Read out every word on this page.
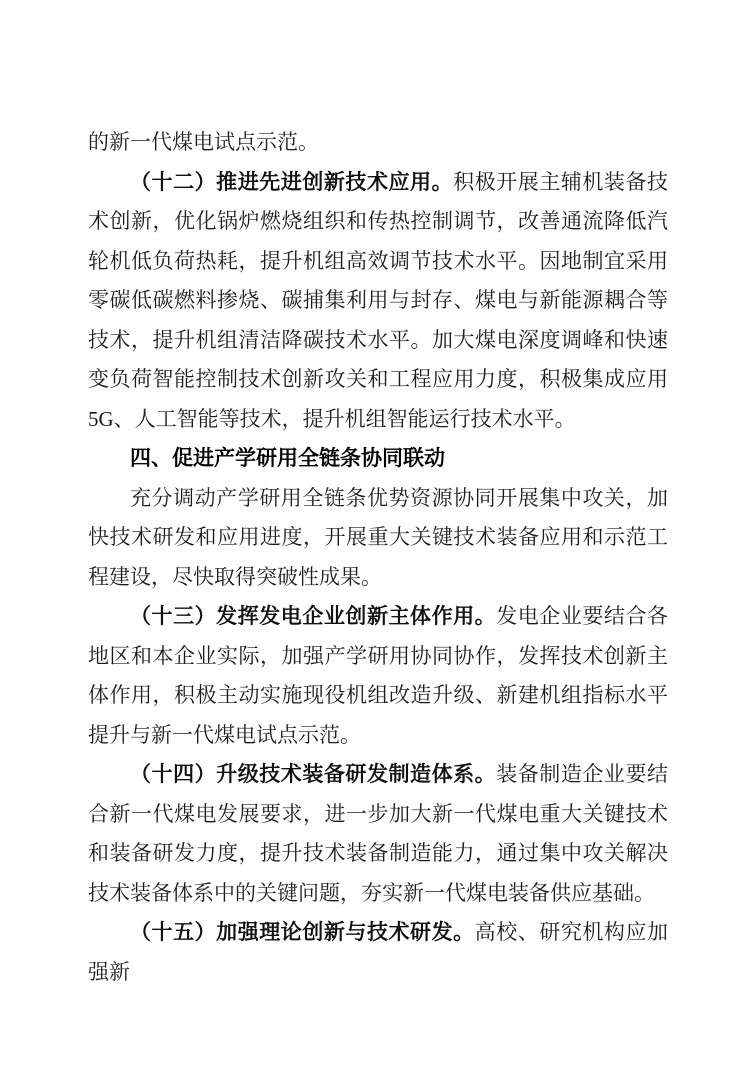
的新一代煤电试点示范。

（十二）推进先进创新技术应用。积极开展主辅机装备技术创新，优化锅炉燃烧组织和传热控制调节，改善通流降低汽轮机低负荷热耗，提升机组高效调节技术水平。因地制宜采用零碳低碳燃料掺烧、碳捕集利用与封存、煤电与新能源耦合等技术，提升机组清洁降碳技术水平。加大煤电深度调峰和快速变负荷智能控制技术创新攻关和工程应用力度，积极集成应用 5G、人工智能等技术，提升机组智能运行技术水平。

四、促进产学研用全链条协同联动

充分调动产学研用全链条优势资源协同开展集中攻关，加快技术研发和应用进度，开展重大关键技术装备应用和示范工程建设，尽快取得突破性成果。

（十三）发挥发电企业创新主体作用。发电企业要结合各地区和本企业实际，加强产学研用协同协作，发挥技术创新主体作用，积极主动实施现役机组改造升级、新建机组指标水平提升与新一代煤电试点示范。

（十四）升级技术装备研发制造体系。装备制造企业要结合新一代煤电发展要求，进一步加大新一代煤电重大关键技术和装备研发力度，提升技术装备制造能力，通过集中攻关解决技术装备体系中的关键问题，夯实新一代煤电装备供应基础。

（十五）加强理论创新与技术研发。高校、研究机构应加强新
